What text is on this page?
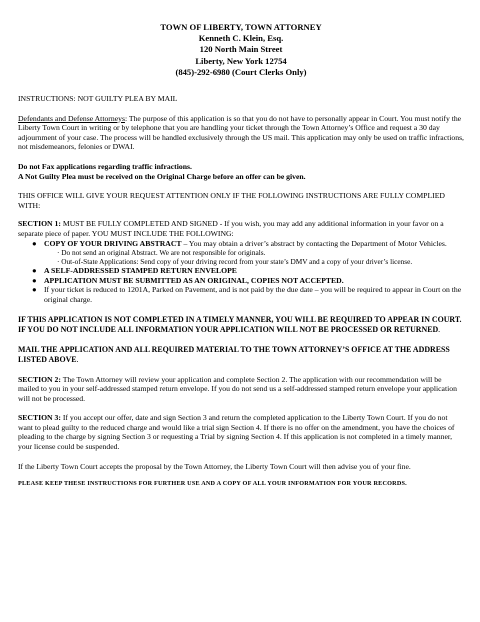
TOWN OF LIBERTY, TOWN ATTORNEY
Kenneth C. Klein, Esq.
120 North Main Street
Liberty, New York 12754
(845)-292-6980 (Court Clerks Only)

INSTRUCTIONS: NOT GUILTY PLEA BY MAIL

Defendants and Defense Attorneys: The purpose of this application is so that you do not have to personally appear in Court. You must notify the Liberty Town Court in writing or by telephone that you are handling your ticket through the Town Attorney’s Office and request a 30 day adjournment of your case. The process will be handled exclusively through the US mail. This application may only be used on traffic infractions, not misdemeanors, felonies or DWAI.

Do not Fax applications regarding traffic infractions.

A Not Guilty Plea must be received on the Original Charge before an offer can be given.

THIS OFFICE WILL GIVE YOUR REQUEST ATTENTION ONLY IF THE FOLLOWING INSTRUCTIONS ARE FULLY COMPLIED WITH:

SECTION 1: MUST BE FULLY COMPLETED AND SIGNED - If you wish, you may add any additional information in your favor on a separate piece of paper. YOU MUST INCLUDE THE FOLLOWING:

● COPY OF YOUR DRIVING ABSTRACT – You may obtain a driver’s abstract by contacting the Department of Motor Vehicles.
· Do not send an original Abstract. We are not responsible for originals.
· Out-of-State Applications: Send copy of your driving record from your state’s DMV and a copy of your driver’s license.
● A SELF-ADDRESSED STAMPED RETURN ENVELOPE
● APPLICATION MUST BE SUBMITTED AS AN ORIGINAL, COPIES NOT ACCEPTED.
● If your ticket is reduced to 1201A, Parked on Pavement, and is not paid by the due date – you will be required to appear in Court on the original charge.

IF THIS APPLICATION IS NOT COMPLETED IN A TIMELY MANNER, YOU WILL BE REQUIRED TO APPEAR IN COURT. IF YOU DO NOT INCLUDE ALL INFORMATION YOUR APPLICATION WILL NOT BE PROCESSED OR RETURNED.

MAIL THE APPLICATION AND ALL REQUIRED MATERIAL TO THE TOWN ATTORNEY’S OFFICE AT THE ADDRESS LISTED ABOVE.

SECTION 2: The Town Attorney will review your application and complete Section 2. The application with our recommendation will be mailed to you in your self-addressed stamped return envelope. If you do not send us a self-addressed stamped return envelope your application will not be processed.

SECTION 3: If you accept our offer, date and sign Section 3 and return the completed application to the Liberty Town Court. If you do not want to plead guilty to the reduced charge and would like a trial sign Section 4. If there is no offer on the amendment, you have the choices of pleading to the charge by signing Section 3 or requesting a Trial by signing Section 4. If this application is not completed in a timely manner, your license could be suspended.

If the Liberty Town Court accepts the proposal by the Town Attorney, the Liberty Town Court will then advise you of your fine.

PLEASE KEEP THESE INSTRUCTIONS FOR FURTHER USE AND A COPY OF ALL YOUR INFORMATION FOR YOUR RECORDS.
